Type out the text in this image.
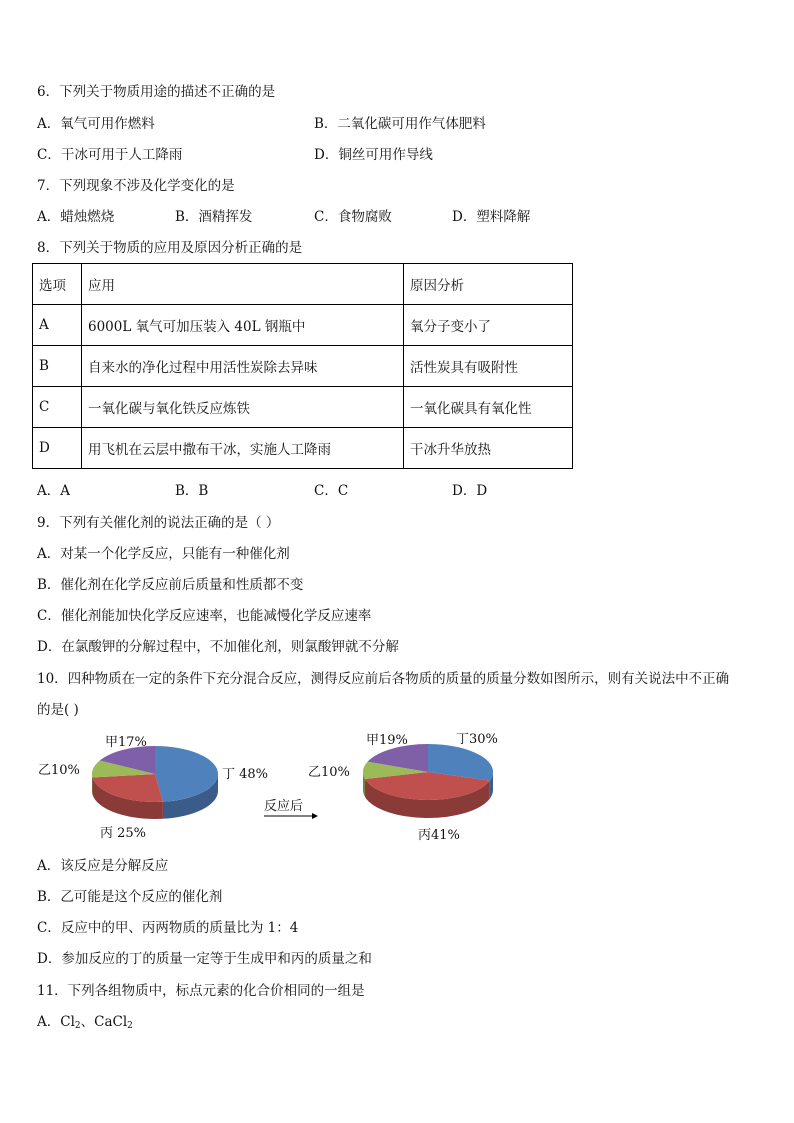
6．下列关于物质用途的描述不正确的是
A．氧气可用作燃料	B．二氧化碳可用作气体肥料
C．干冰可用于人工降雨	D．铜丝可用作导线
7．下列现象不涉及化学变化的是
A．蜡烛燃烧	B．酒精挥发	C．食物腐败	D．塑料降解
8．下列关于物质的应用及原因分析正确的是
选项	应用	原因分析
A	6000L 氧气可加压装入 40L 钢瓶中	氧分子变小了
B	自来水的净化过程中用活性炭除去异味	活性炭具有吸附性
C	一氧化碳与氧化铁反应炼铁	一氧化碳具有氧化性
D	用飞机在云层中撒布干冰，实施人工降雨	干冰升华放热
A．A	B．B	C．C	D．D
9．下列有关催化剂的说法正确的是（ ）
A．对某一个化学反应，只能有一种催化剂
B．催化剂在化学反应前后质量和性质都不变
C．催化剂能加快化学反应速率，也能减慢化学反应速率
D．在氯酸钾的分解过程中，不加催化剂，则氯酸钾就不分解
10．四种物质在一定的条件下充分混合反应，测得反应前后各物质的质量的质量分数如图所示，则有关说法中不正确
的是( )
甲17%
乙10%
丙 25%
丁 48%
反应后
甲19%
乙10%
丙41%
丁30%
A．该反应是分解反应
B．乙可能是这个反应的催化剂
C．反应中的甲、丙两物质的质量比为 1：4
D．参加反应的丁的质量一定等于生成甲和丙的质量之和
11．下列各组物质中，标点元素的化合价相同的一组是
A．$Cl_2$、CaCl$_2$
